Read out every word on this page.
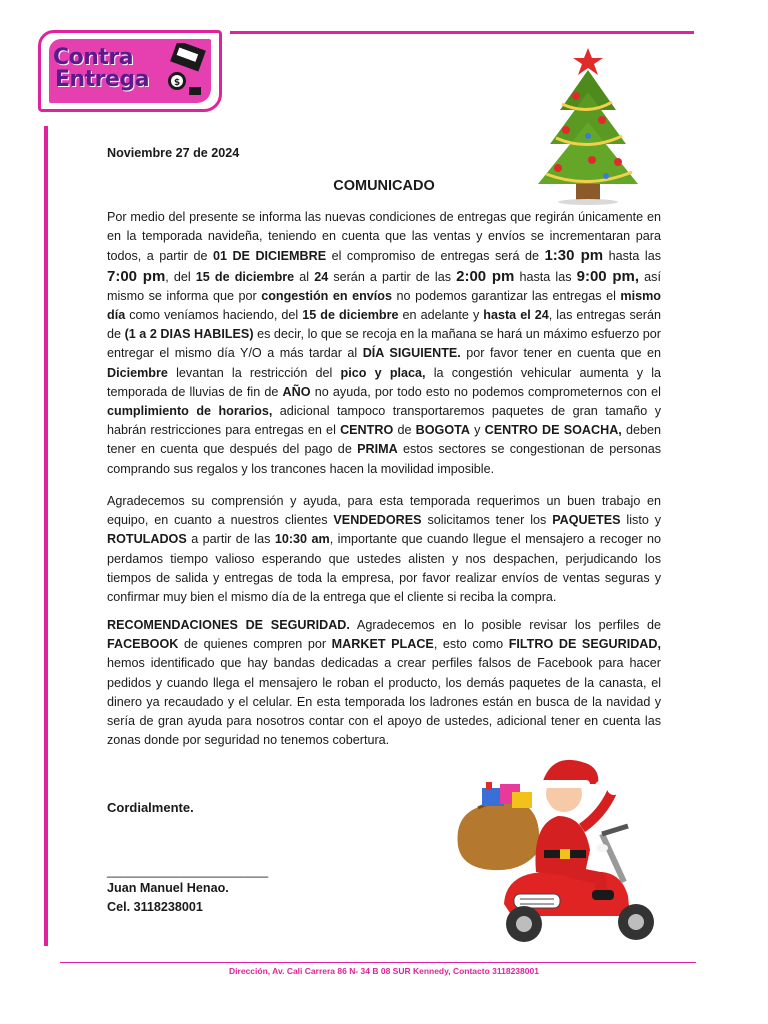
Contra
Entrega	$
Noviembre 27 de 2024
COMUNICADO
Por medio del presente se informa las nuevas condiciones de entregas que regirán únicamente en en la temporada navideña, teniendo en cuenta que las ventas y envíos se incrementaran para todos, a partir de 01 DE DICIEMBRE el compromiso de entregas será de 1:30 pm hasta las 7:00 pm, del 15 de diciembre al 24 serán a partir de las 2:00 pm hasta las 9:00 pm, así mismo se informa que por congestión en envíos no podemos garantizar las entregas el mismo día como veníamos haciendo, del 15 de diciembre en adelante y hasta el 24, las entregas serán de (1 a 2 DIAS HABILES) es decir, lo que se recoja en la mañana se hará un máximo esfuerzo por entregar el mismo día Y/O a más tardar al DÍA SIGUIENTE. por favor tener en cuenta que en Diciembre levantan la restricción del pico y placa, la congestión vehicular aumenta y la temporada de lluvias de fin de AÑO no ayuda, por todo esto no podemos comprometernos con el cumplimiento de horarios, adicional tampoco transportaremos paquetes de gran tamaño y habrán restricciones para entregas en el CENTRO de BOGOTA y CENTRO DE SOACHA, deben tener en cuenta que después del pago de PRIMA estos sectores se congestionan de personas comprando sus regalos y los trancones hacen la movilidad imposible.
Agradecemos su comprensión y ayuda, para esta temporada requerimos un buen trabajo en equipo, en cuanto a nuestros clientes VENDEDORES solicitamos tener los PAQUETES listo y ROTULADOS a partir de las 10:30 am, importante que cuando llegue el mensajero a recoger no perdamos tiempo valioso esperando que ustedes alisten y nos despachen, perjudicando los tiempos de salida y entregas de toda la empresa, por favor realizar envíos de ventas seguras y confirmar muy bien el mismo día de la entrega que el cliente si reciba la compra.
RECOMENDACIONES DE SEGURIDAD. Agradecemos en lo posible revisar los perfiles de FACEBOOK de quienes compren por MARKET PLACE, esto como FILTRO DE SEGURIDAD, hemos identificado que hay bandas dedicadas a crear perfiles falsos de Facebook para hacer pedidos y cuando llega el mensajero le roban el producto, los demás paquetes de la canasta, el dinero ya recaudado y el celular. En esta temporada los ladrones están en busca de la navidad y sería de gran ayuda para nosotros contar con el apoyo de ustedes, adicional tener en cuenta las zonas donde por seguridad no tenemos cobertura.
Cordialmente.
_______________________
Juan Manuel Henao.
Cel. 3118238001
Dirección, Av. Cali Carrera 86 N- 34 B 08 SUR Kennedy, Contacto 3118238001
